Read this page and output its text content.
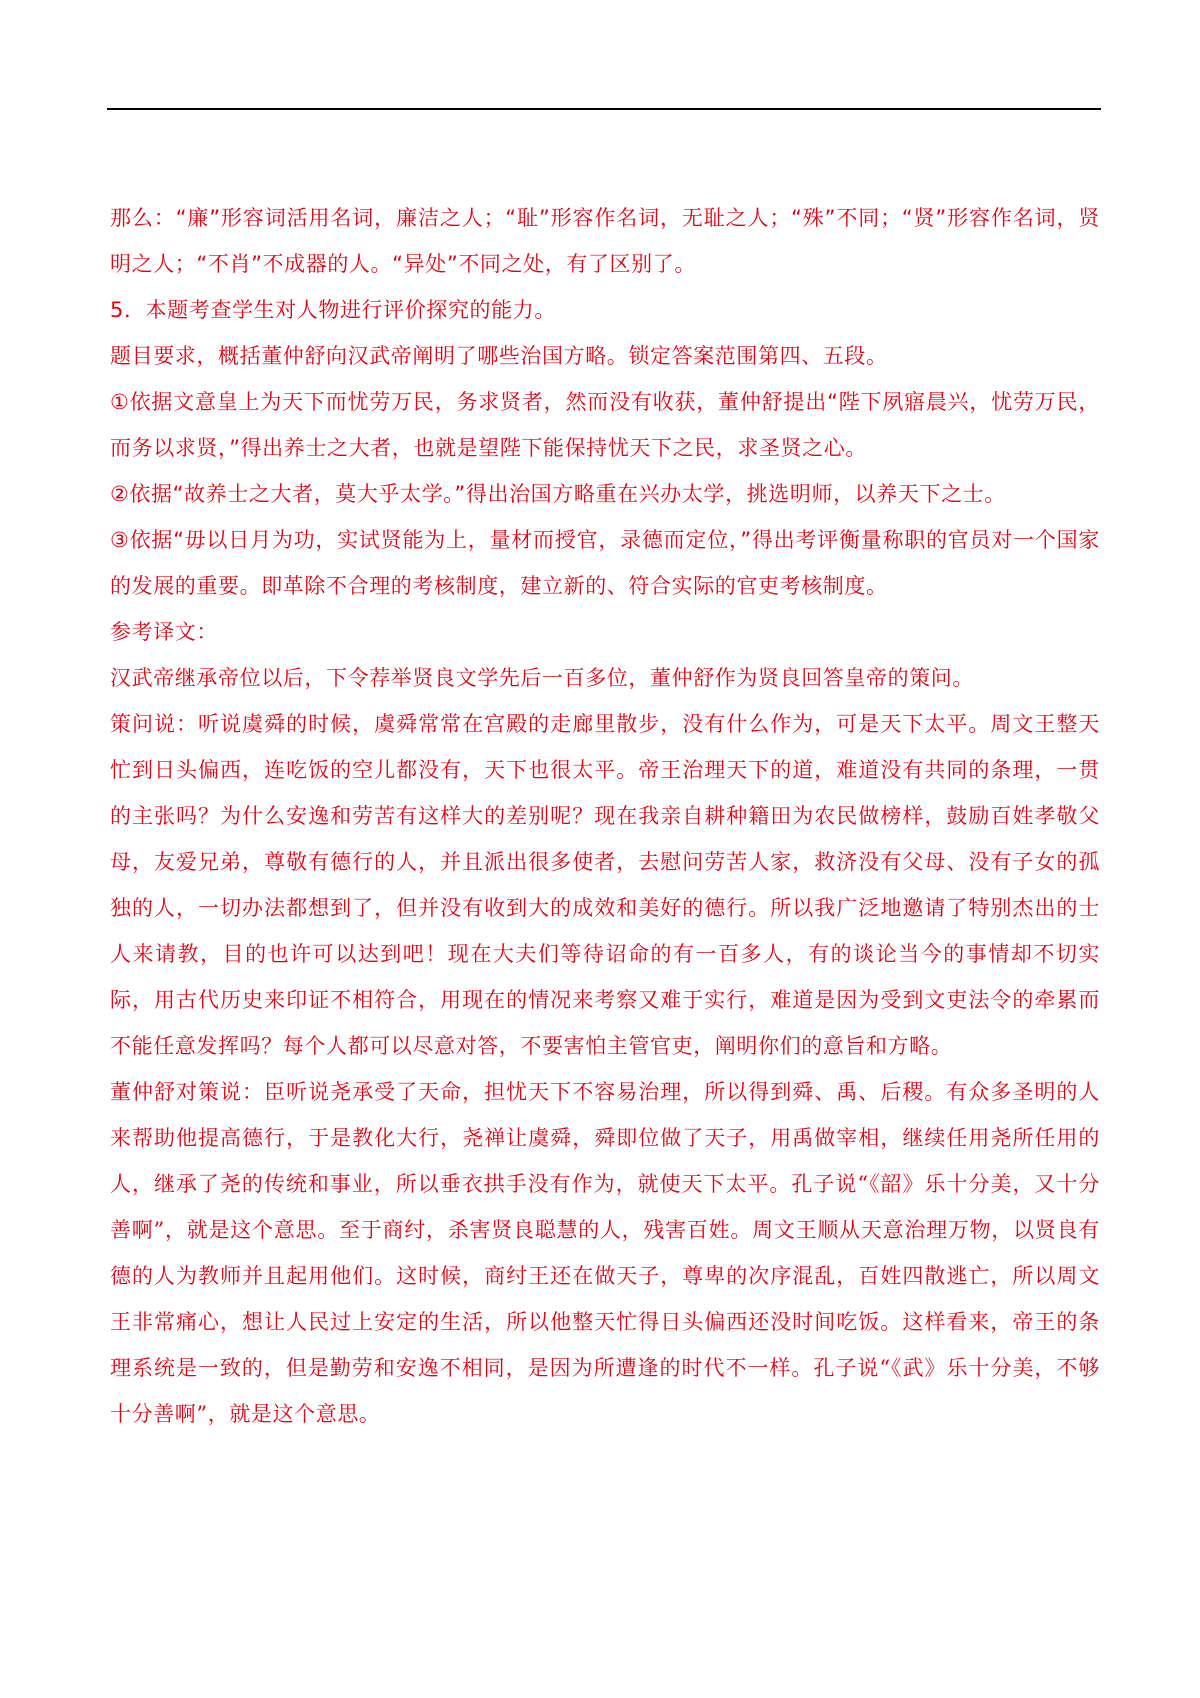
那么：“廉”形容词活用名词，廉洁之人；“耻”形容作名词，无耻之人；“殊”不同；“贤”形容作名词，贤明之人；“不肖”不成器的人。“异处”不同之处，有了区别了。

5．本题考查学生对人物进行评价探究的能力。

题目要求，概括董仲舒向汉武帝阐明了哪些治国方略。锁定答案范围第四、五段。

①依据文意皇上为天下而忧劳万民，务求贤者，然而没有收获，董仲舒提出“陛下夙寤晨兴，忧劳万民，而务以求贤，”得出养士之大者，也就是望陛下能保持忧天下之民，求圣贤之心。

②依据“故养士之大者，莫大乎太学。”得出治国方略重在兴办太学，挑选明师，以养天下之士。

③依据“毋以日月为功，实试贤能为上，量材而授官，录德而定位，”得出考评衡量称职的官员对一个国家的发展的重要。即革除不合理的考核制度，建立新的、符合实际的官吏考核制度。

参考译文：

汉武帝继承帝位以后，下令荐举贤良文学先后一百多位，董仲舒作为贤良回答皇帝的策问。

策问说：听说虞舜的时候，虞舜常常在宫殿的走廊里散步，没有什么作为，可是天下太平。周文王整天忙到日头偏西，连吃饭的空儿都没有，天下也很太平。帝王治理天下的道，难道没有共同的条理，一贯的主张吗？为什么安逸和劳苦有这样大的差别呢？现在我亲自耕种籍田为农民做榜样，鼓励百姓孝敬父母，友爱兄弟，尊敬有德行的人，并且派出很多使者，去慰问劳苦人家，救济没有父母、没有子女的孤独的人，一切办法都想到了，但并没有收到大的成效和美好的德行。所以我广泛地邀请了特别杰出的士人来请教，目的也许可以达到吧！现在大夫们等待诏命的有一百多人，有的谈论当今的事情却不切实际，用古代历史来印证不相符合，用现在的情况来考察又难于实行，难道是因为受到文吏法令的牵累而不能任意发挥吗？每个人都可以尽意对答，不要害怕主管官吏，阐明你们的意旨和方略。

董仲舒对策说：臣听说尧承受了天命，担忧天下不容易治理，所以得到舜、禹、后稷。有众多圣明的人来帮助他提高德行，于是教化大行，尧禅让虞舜，舜即位做了天子，用禹做宰相，继续任用尧所任用的人，继承了尧的传统和事业，所以垂衣拱手没有作为，就使天下太平。孔子说“《韶》乐十分美，又十分善啊”，就是这个意思。至于商纣，杀害贤良聪慧的人，残害百姓。周文王顺从天意治理万物，以贤良有德的人为教师并且起用他们。这时候，商纣王还在做天子，尊卑的次序混乱，百姓四散逃亡，所以周文王非常痛心，想让人民过上安定的生活，所以他整天忙得日头偏西还没时间吃饭。这样看来，帝王的条理系统是一致的，但是勤劳和安逸不相同，是因为所遭逢的时代不一样。孔子说“《武》乐十分美，不够十分善啊”，就是这个意思。
